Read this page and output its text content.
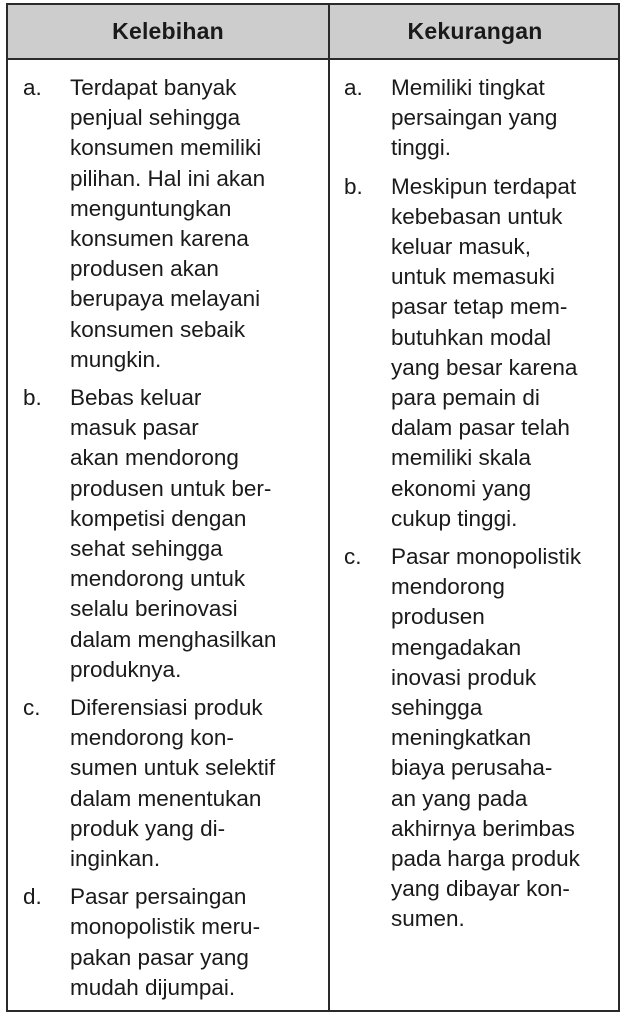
Kelebihan	Kekurangan
a. Terdapat banyak
penjual sehingga
konsumen memiliki
pilihan. Hal ini akan
menguntungkan
konsumen karena
produsen akan
berupaya melayani
konsumen sebaik
mungkin.
b. Bebas keluar
masuk pasar
akan mendorong
produsen untuk ber-
kompetisi dengan
sehat sehingga
mendorong untuk
selalu berinovasi
dalam menghasilkan
produknya.
c. Diferensiasi produk
mendorong kon-
sumen untuk selektif
dalam menentukan
produk yang di-
inginkan.
d. Pasar persaingan
monopolistik meru-
pakan pasar yang
mudah dijumpai.
a. Memiliki tingkat
persaingan yang
tinggi.
b. Meskipun terdapat
kebebasan untuk
keluar masuk,
untuk memasuki
pasar tetap mem-
butuhkan modal
yang besar karena
para pemain di
dalam pasar telah
memiliki skala
ekonomi yang
cukup tinggi.
c. Pasar monopolistik
mendorong
produsen
mengadakan
inovasi produk
sehingga
meningkatkan
biaya perusaha-
an yang pada
akhirnya berimbas
pada harga produk
yang dibayar kon-
sumen.
